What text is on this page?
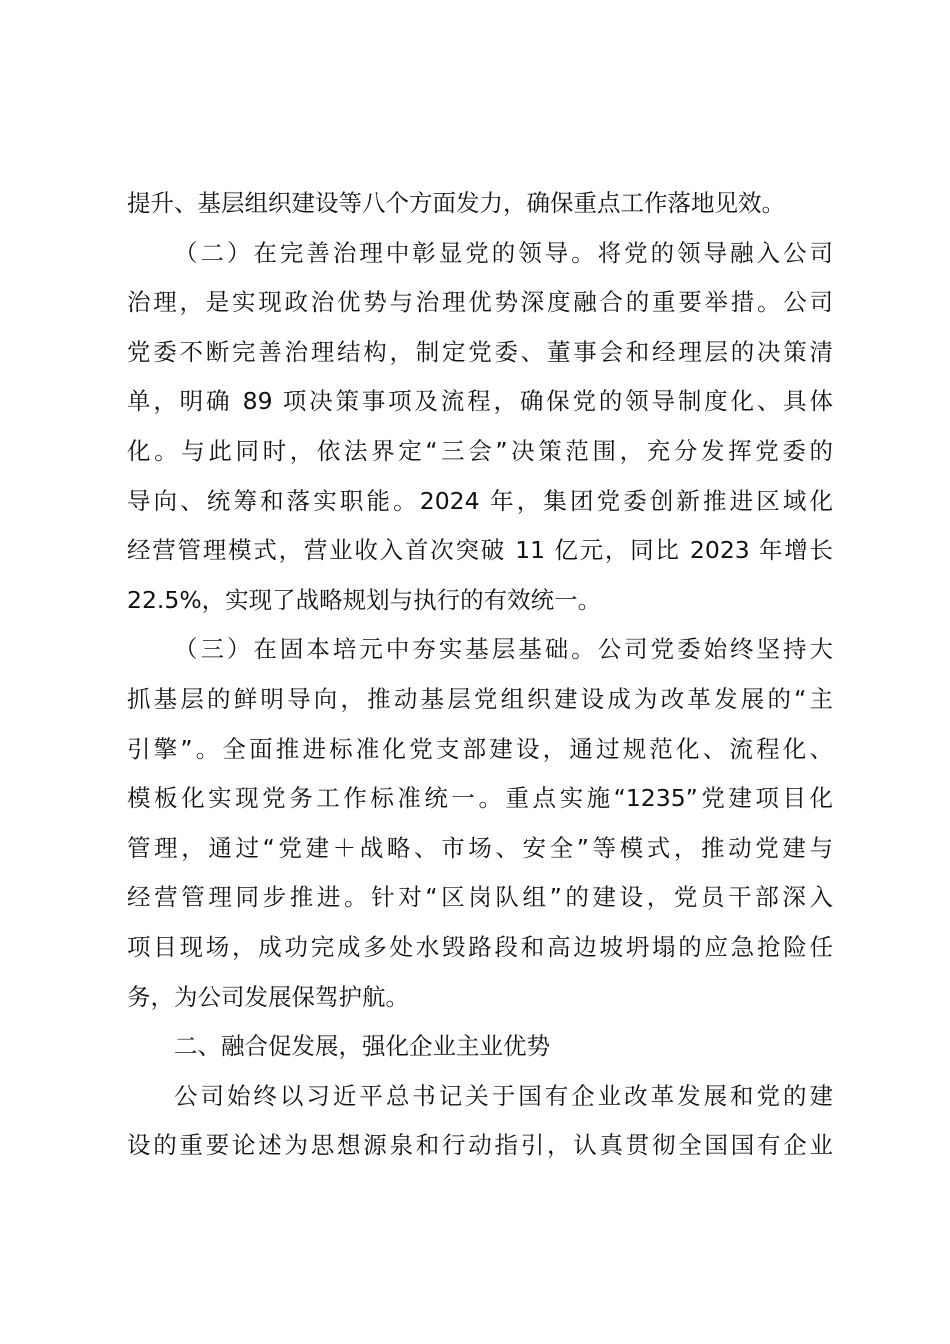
提升、基层组织建设等八个方面发力，确保重点工作落地见效。
（二）在完善治理中彰显党的领导。将党的领导融入公司
治理，是实现政治优势与治理优势深度融合的重要举措。公司
党委不断完善治理结构，制定党委、董事会和经理层的决策清
单，明确 89 项决策事项及流程，确保党的领导制度化、具体
化。与此同时，依法界定“三会”决策范围，充分发挥党委的
导向、统筹和落实职能。2024 年，集团党委创新推进区域化
经营管理模式，营业收入首次突破 11 亿元，同比 2023 年增长
22.5%，实现了战略规划与执行的有效统一。
（三）在固本培元中夯实基层基础。公司党委始终坚持大
抓基层的鲜明导向，推动基层党组织建设成为改革发展的“主
引擎”。全面推进标准化党支部建设，通过规范化、流程化、
模板化实现党务工作标准统一。重点实施“1235”党建项目化
管理，通过“党建＋战略、市场、安全”等模式，推动党建与
经营管理同步推进。针对“区岗队组”的建设，党员干部深入
项目现场，成功完成多处水毁路段和高边坡坍塌的应急抢险任
务，为公司发展保驾护航。
二、融合促发展，强化企业主业优势
公司始终以习近平总书记关于国有企业改革发展和党的建
设的重要论述为思想源泉和行动指引，认真贯彻全国国有企业
